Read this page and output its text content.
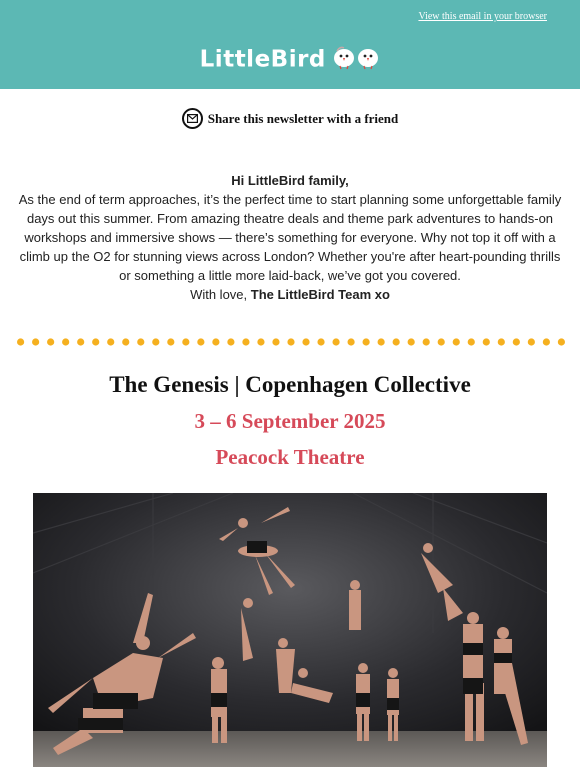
View this email in your browser
LittleBird
Share this newsletter with a friend

Hi LittleBird family,

As the end of term approaches, it’s the perfect time to start planning some unforgettable family days out this summer. From amazing theatre deals and theme park adventures to hands-on workshops and immersive shows — there’s something for everyone. Why not top it off with a climb up the O2 for stunning views across London? Whether you're after heart-pounding thrills or something a little more laid-back, we’ve got you covered.

With love, The LittleBird Team xo

The Genesis | Copenhagen Collective
3 – 6 September 2025
Peacock Theatre
